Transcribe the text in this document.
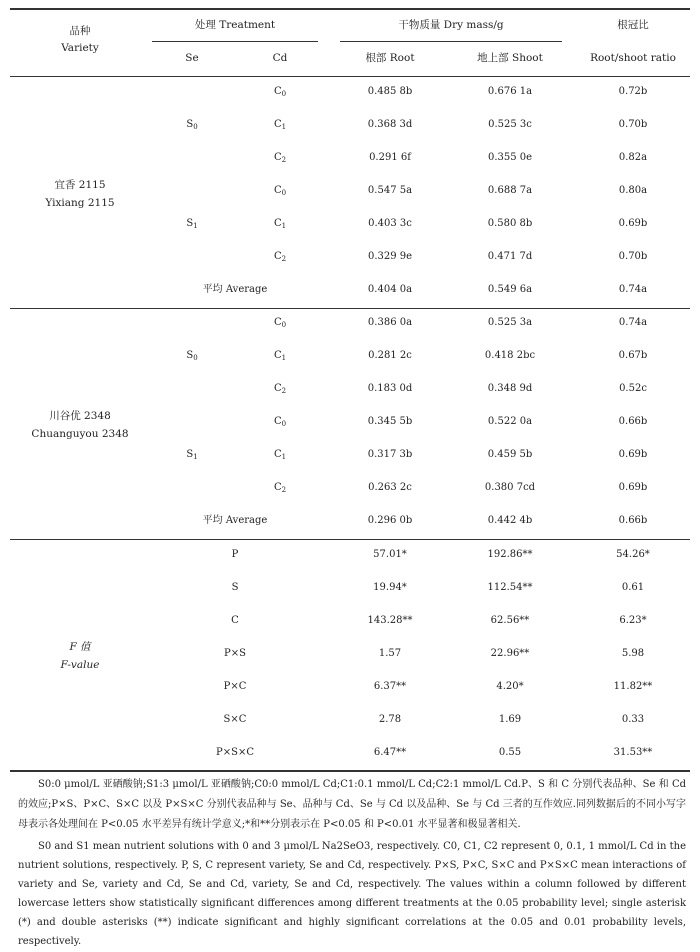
品种
Variety
处理 Treatment
Se	Cd
干物质量 Dry mass/g
根部 Root	地上部 Shoot
根冠比
Root/shoot ratio
宜香 2115
Yixiang 2115
$S_0$
$C_0$	0.485 8b	0.676 1a	0.72b
$C_1$	0.368 3d	0.525 3c	0.70b
$C_2$	0.291 6f	0.355 0e	0.82a
$S_1$
$C_0$	0.547 5a	0.688 7a	0.80a
$C_1$	0.403 3c	0.580 8b	0.69b
$C_2$	0.329 9e	0.471 7d	0.70b
平均 Average	0.404 0a	0.549 6a	0.74a
川谷优 2348
Chuanguyou 2348
$S_0$
$C_0$	0.386 0a	0.525 3a	0.74a
$C_1$	0.281 2c	0.418 2bc	0.67b
$C_2$	0.183 0d	0.348 9d	0.52c
$S_1$
$C_0$	0.345 5b	0.522 0a	0.66b
$C_1$	0.317 3b	0.459 5b	0.69b
$C_2$	0.263 2c	0.380 7cd	0.69b
平均 Average	0.296 0b	0.442 4b	0.66b
F 值
F-value
P	57.01*	192.86**	54.26*
S	19.94*	112.54**	0.61
C	143.28**	62.56**	6.23*
P×S	1.57	22.96**	5.98
P×C	6.37**	4.20*	11.82**
S×C	2.78	1.69	0.33
P×S×C	6.47**	0.55	31.53**

S0:0 μmol/L 亚硒酸钠;S1:3 μmol/L 亚硒酸钠;C0:0 mmol/L Cd;C1:0.1 mmol/L Cd;C2:1 mmol/L Cd.P、S 和 C 分别代表品种、Se 和 Cd 的效应;P×S、P×C、S×C 以及 P×S×C 分别代表品种与 Se、品种与 Cd、Se 与 Cd 以及品种、Se 与 Cd 三者的互作效应.同列数据后的不同小写字母表示各处理间在 P<0.05 水平差异有统计学意义;*和**分别表示在 P<0.05 和 P<0.01 水平显著和极显著相关.

S0 and S1 mean nutrient solutions with 0 and 3 μmol/L Na2SeO3, respectively. C0, C1, C2 represent 0, 0.1, 1 mmol/L Cd in the nutrient solutions, respectively. P, S, C represent variety, Se and Cd, respectively. P×S, P×C, S×C and P×S×C mean interactions of variety and Se, variety and Cd, Se and Cd, variety, Se and Cd, respectively. The values within a column followed by different lowercase letters show statistically significant differences among different treatments at the 0.05 probability level; single asterisk (*) and double asterisks (**) indicate significant and highly significant correlations at the 0.05 and 0.01 probability levels, respectively.
